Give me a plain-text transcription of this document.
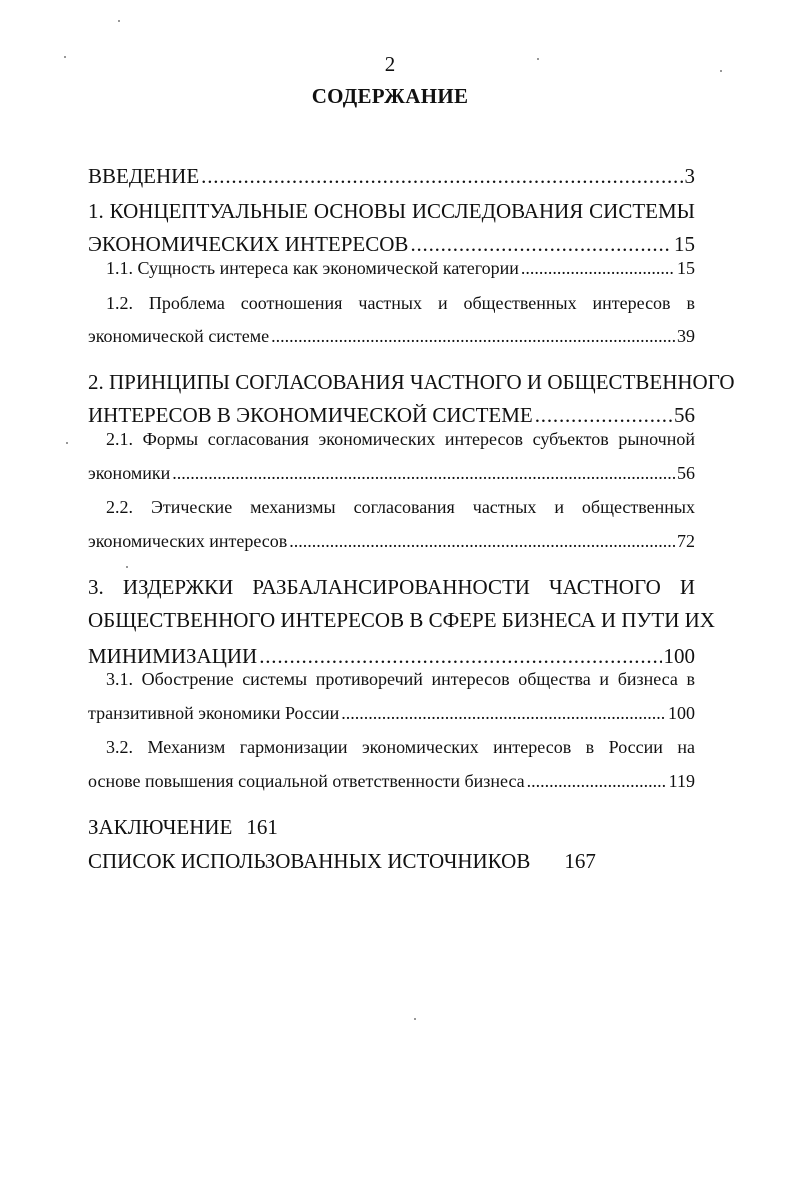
2
СОДЕРЖАНИЕ
ВВЕДЕНИЕ .....	3
1. КОНЦЕПТУАЛЬНЫЕ ОСНОВЫ ИССЛЕДОВАНИЯ СИСТЕМЫ
ЭКОНОМИЧЕСКИХ ИНТЕРЕСОВ .....	15
1.1. Сущность интереса как экономической категории .....	15
1.2. Проблема соотношения частных и общественных интересов в
экономической системе .....	39
2. ПРИНЦИПЫ СОГЛАСОВАНИЯ ЧАСТНОГО И ОБЩЕСТВЕННОГО
ИНТЕРЕСОВ В ЭКОНОМИЧЕСКОЙ СИСТЕМЕ .....	56
2.1. Формы согласования экономических интересов субъектов рыночной
экономики .....	56
2.2. Этические механизмы согласования частных и общественных
экономических интересов .....	72
3. ИЗДЕРЖКИ РАЗБАЛАНСИРОВАННОСТИ ЧАСТНОГО И
ОБЩЕСТВЕННОГО ИНТЕРЕСОВ В СФЕРЕ БИЗНЕСА И ПУТИ ИХ
МИНИМИЗАЦИИ .....	100
3.1. Обострение системы противоречий интересов общества и бизнеса в
транзитивной экономики России .....	100
3.2. Механизм гармонизации экономических интересов в России на
основе повышения социальной ответственности бизнеса .....	119
ЗАКЛЮЧЕНИЕ 161
СПИСОК ИСПОЛЬЗОВАННЫХ ИСТОЧНИКОВ 167
